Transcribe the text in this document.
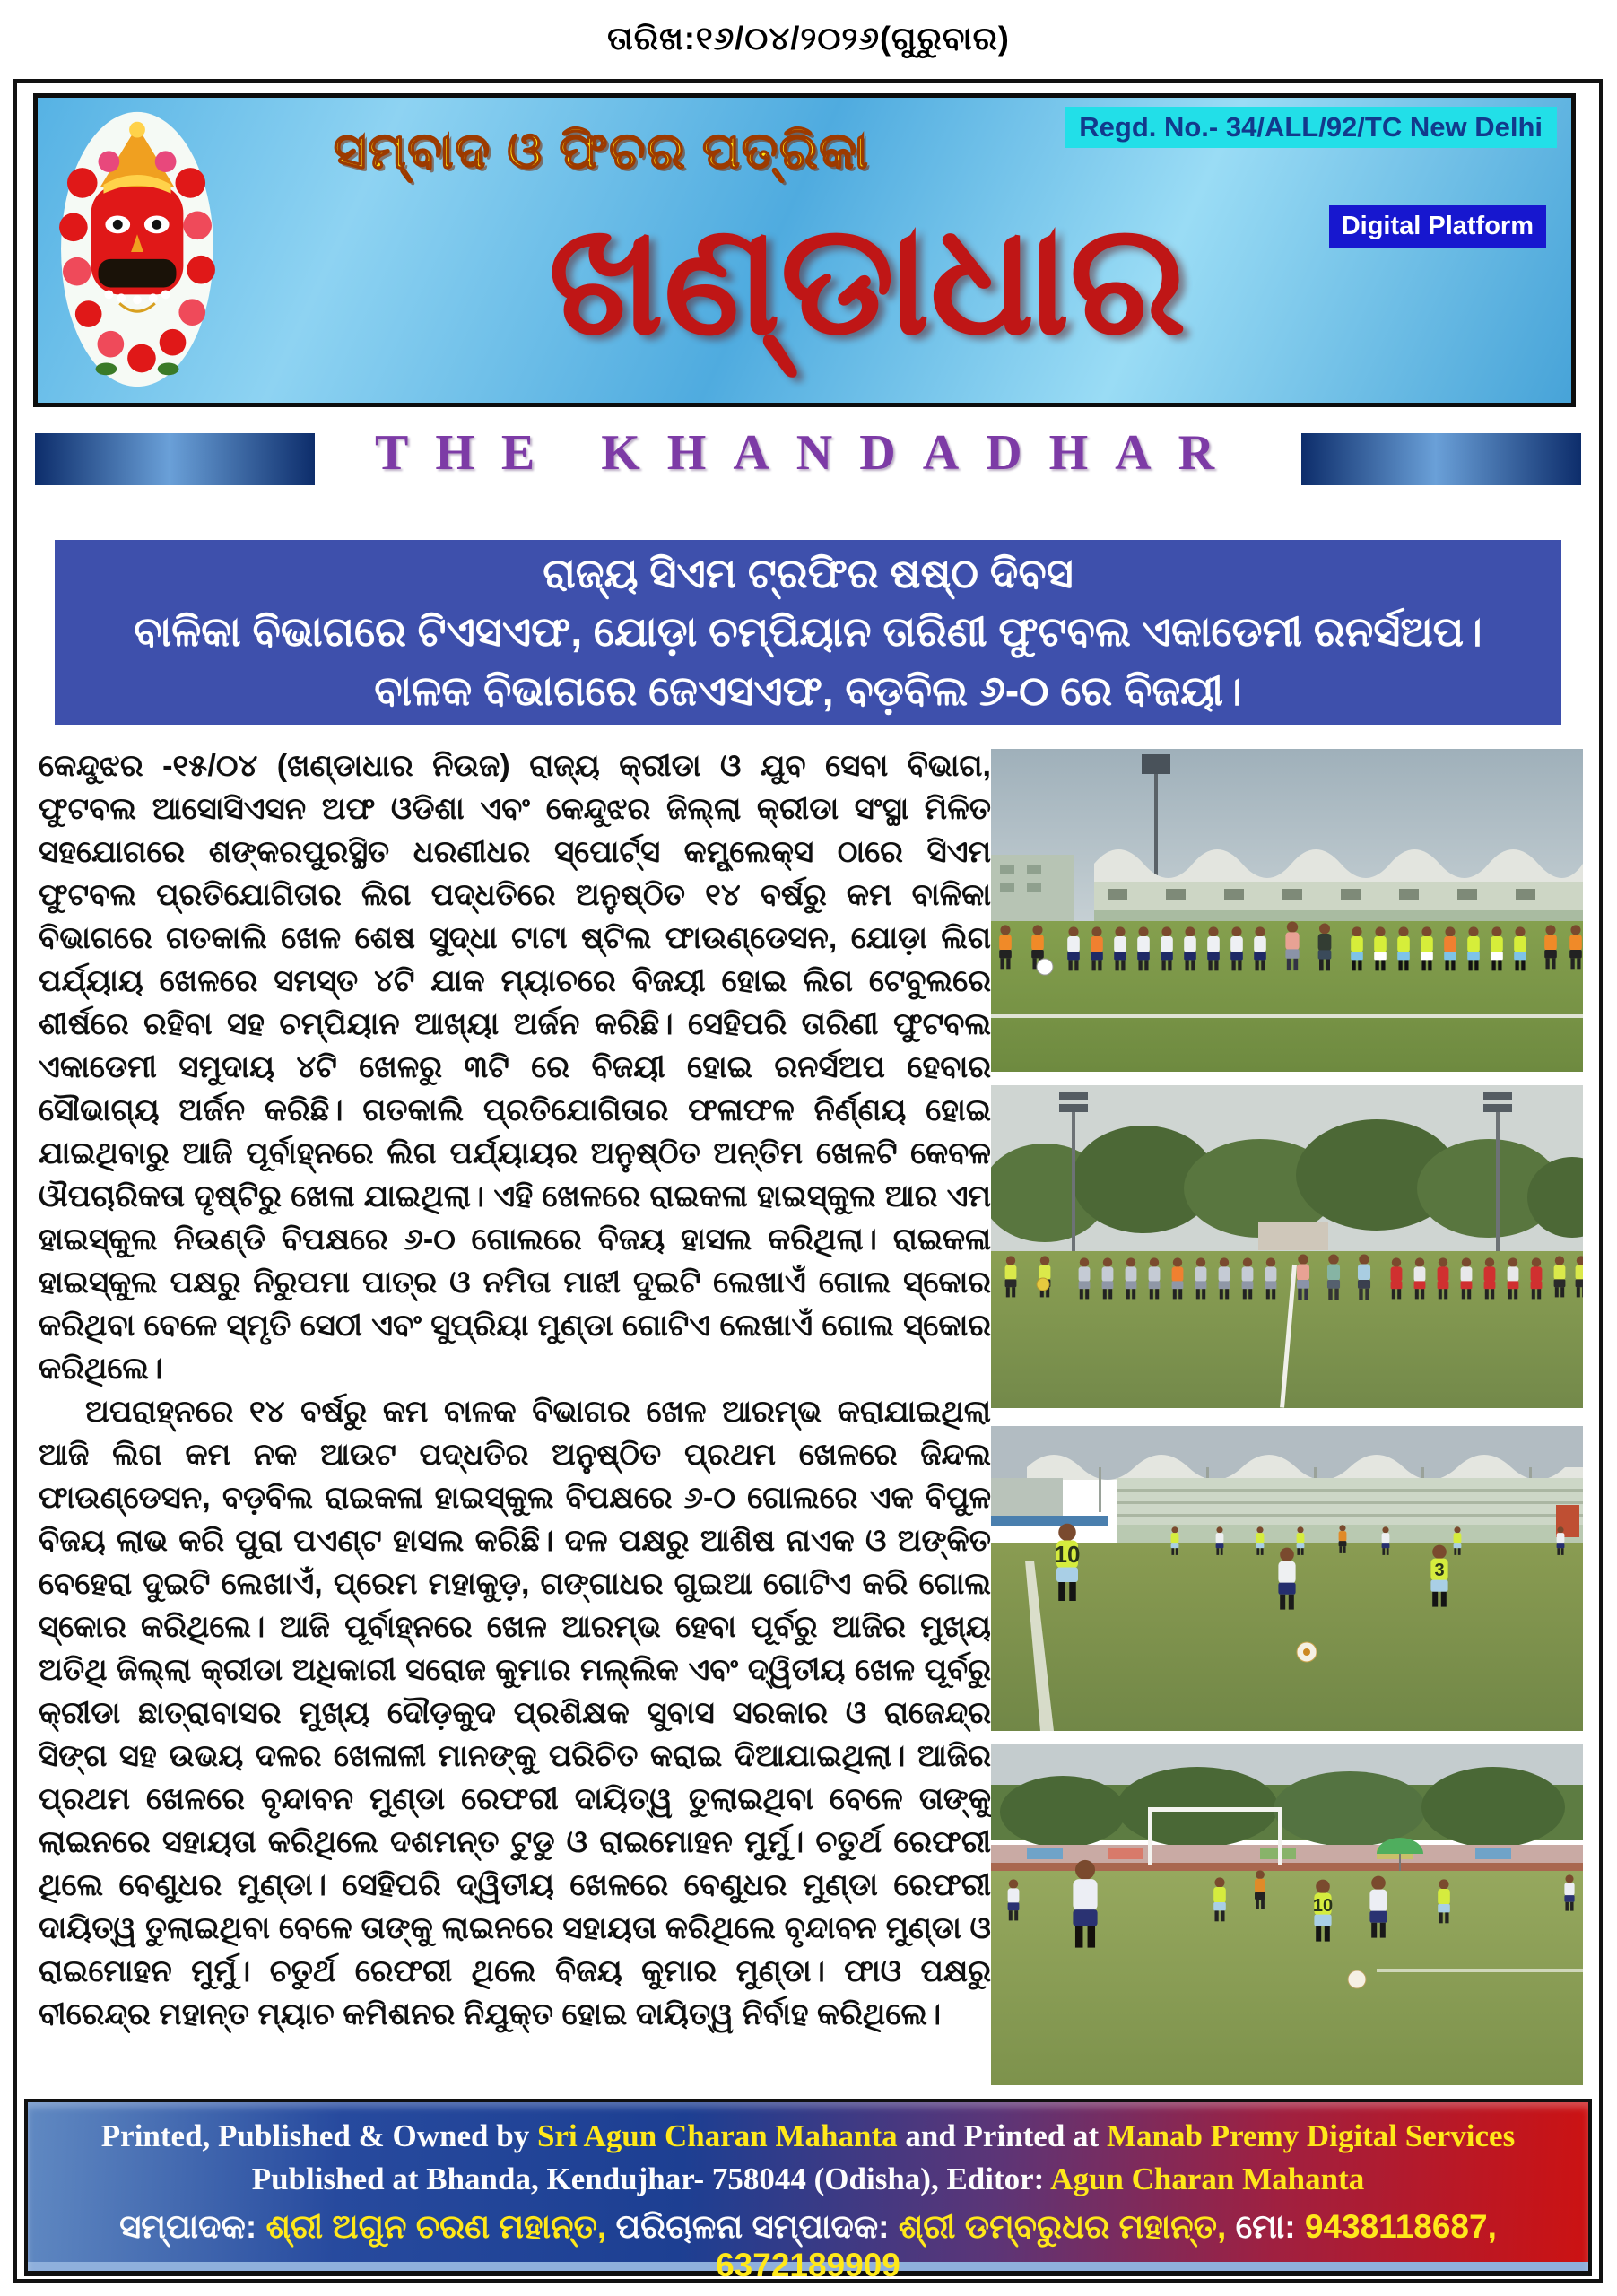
ତାରିଖ:୧୬/୦୪/୨୦୨୬(ଗୁରୁବାର)
ସମ୍ବାଦ ଓ ଫିଚର ପତ୍ରିକା
ଖଣ୍ଡାଧାର
Regd. No.- 34/ALL/92/TC New Delhi
Digital Platform
THE KHANDADHAR
ରାଜ୍ୟ ସିଏମ ଟ୍ରଫିର ଷଷ୍ଠ ଦିବସ
ବାଳିକା ବିଭାଗରେ ଟିଏସଏଫ, ଯୋଡ଼ା ଚମ୍ପିୟାନ ତାରିଣୀ ଫୁଟବଲ ଏକାଡେମୀ ରନର୍ସଅପ।
ବାଳକ ବିଭାଗରେ ଜେଏସଏଫ, ବଡ଼ବିଲ ୬-୦ ରେ ବିଜୟୀ।

କେନ୍ଦୁଝର -୧୫/୦୪ (ଖଣ୍ଡାଧାର ନିଉଜ) ରାଜ୍ୟ କ୍ରୀଡା ଓ ଯୁବ ସେବା ବିଭାଗ, ଫୁଟବଲ ଆସୋସିଏସନ ଅଫ ଓଡିଶା ଏବଂ କେନ୍ଦୁଝର ଜିଲ୍ଲା କ୍ରୀଡା ସଂସ୍ଥା ମିଳିତ ସହଯୋଗରେ ଶଙ୍କରପୁରସ୍ଥିତ ଧରଣୀଧର ସ୍ପୋର୍ଟ୍ସ କମ୍ପ୍ଲେକ୍ସ ଠାରେ ସିଏମ ଫୁଟବଲ ପ୍ରତିଯୋଗିତାର ଲିଗ ପଦ୍ଧତିରେ ଅନୁଷ୍ଠିତ ୧୪ ବର୍ଷରୁ କମ ବାଳିକା ବିଭାଗରେ ଗତକାଲି ଖେଳ ଶେଷ ସୁଦ୍ଧା ଟାଟା ଷ୍ଟିଲ ଫାଉଣ୍ଡେସନ, ଯୋଡ଼ା ଲିଗ ପର୍ଯ୍ୟାୟ ଖେଳରେ ସମସ୍ତ ୪ଟି ଯାକ ମ୍ୟାଚରେ ବିଜୟୀ ହୋଇ ଲିଗ ଟେବୁଲରେ ଶୀର୍ଷରେ ରହିବା ସହ ଚମ୍ପିୟାନ ଆଖ୍ୟା ଅର୍ଜନ କରିଛି। ସେହିପରି ତାରିଣୀ ଫୁଟବଲ ଏକାଡେମୀ ସମୁଦାୟ ୪ଟି ଖେଳରୁ ୩ଟି ରେ ବିଜୟୀ ହୋଇ ରନର୍ସଅପ ହେବାର ସୌଭାଗ୍ୟ ଅର୍ଜନ କରିଛି। ଗତକାଲି ପ୍ରତିଯୋଗିତାର ଫଳାଫଳ ନିର୍ଣ୍ଣୟ ହୋଇ ଯାଇଥିବାରୁ ଆଜି ପୂର୍ବାହ୍ନରେ ଲିଗ ପର୍ଯ୍ୟାୟର ଅନୁଷ୍ଠିତ ଅନ୍ତିମ ଖେଳଟି କେବଳ ଔପଚାରିକତା ଦୃଷ୍ଟିରୁ ଖେଳା ଯାଇଥିଲା। ଏହି ଖେଳରେ ରାଇକଳା ହାଇସ୍କୁଲ ଆର ଏମ ହାଇସ୍କୁଲ ନିଉଣ୍ଡି ବିପକ୍ଷରେ ୬-୦ ଗୋଲରେ ବିଜୟ ହାସଲ କରିଥିଲା। ରାଇକଳା ହାଇସ୍କୁଲ ପକ୍ଷରୁ ନିରୁପମା ପାତ୍ର ଓ ନମିତା ମାଝୀ ଦୁଇଟି ଲେଖାଏଁ ଗୋଲ ସ୍କୋର କରିଥିବା ବେଳେ ସ୍ମୃତି ସେଠୀ ଏବଂ ସୁପ୍ରିୟା ମୁଣ୍ଡା ଗୋଟିଏ ଲେଖାଏଁ ଗୋଲ ସ୍କୋର କରିଥିଲେ।

ଅପରାହ୍ନରେ ୧୪ ବର୍ଷରୁ କମ ବାଳକ ବିଭାଗର ଖେଳ ଆରମ୍ଭ କରାଯାଇଥିଲା ଆଜି ଲିଗ କମ ନକ ଆଉଟ ପଦ୍ଧତିର ଅନୁଷ୍ଠିତ ପ୍ରଥମ ଖେଳରେ ଜିନ୍ଦଲ ଫାଉଣ୍ଡେସନ, ବଡ଼ବିଲ ରାଇକଳା ହାଇସ୍କୁଲ ବିପକ୍ଷରେ ୬-୦ ଗୋଲରେ ଏକ ବିପୁଳ ବିଜୟ ଲାଭ କରି ପୁରା ପଏଣ୍ଟ ହାସଲ କରିଛି। ଦଳ ପକ୍ଷରୁ ଆଶିଷ ନାଏକ ଓ ଅଙ୍କିତ ବେହେରା ଦୁଇଟି ଲେଖାଏଁ, ପ୍ରେମ ମହାକୁଡ଼, ଗଙ୍ଗାଧର ଗୁଇଆ ଗୋଟିଏ କରି ଗୋଲ ସ୍କୋର କରିଥିଲେ। ଆଜି ପୂର୍ବାହ୍ନରେ ଖେଳ ଆରମ୍ଭ ହେବା ପୂର୍ବରୁ ଆଜିର ମୁଖ୍ୟ ଅତିଥି ଜିଲ୍ଲା କ୍ରୀଡା ଅଧିକାରୀ ସରୋଜ କୁମାର ମଲ୍ଲିକ ଏବଂ ଦ୍ୱିତୀୟ ଖେଳ ପୂର୍ବରୁ କ୍ରୀଡା ଛାତ୍ରାବାସର ମୁଖ୍ୟ ଦୌଡ଼କୁଦ ପ୍ରଶିକ୍ଷକ ସୁବାସ ସରକାର ଓ ରାଜେନ୍ଦ୍ର ସିଙ୍ଗ ସହ ଉଭୟ ଦଳର ଖେଳାଳୀ ମାନଙ୍କୁ ପରିଚିତ କରାଇ ଦିଆଯାଇଥିଲା। ଆଜିର ପ୍ରଥମ ଖେଳରେ ବୃନ୍ଦାବନ ମୁଣ୍ଡା ରେଫରୀ ଦାୟିତ୍ୱ ତୁଲାଇଥିବା ବେଳେ ତାଙ୍କୁ ଲାଇନରେ ସହାୟତା କରିଥିଲେ ଦଶମନ୍ତ ଟୁଡୁ ଓ ରାଇମୋହନ ମୁର୍ମୁ। ଚତୁର୍ଥ ରେଫରୀ ଥିଲେ ବେଣୁଧର ମୁଣ୍ଡା। ସେହିପରି ଦ୍ୱିତୀୟ ଖେଳରେ ବେଣୁଧର ମୁଣ୍ଡା ରେଫରୀ ଦାୟିତ୍ୱ ତୁଲାଇଥିବା ବେଳେ ତାଙ୍କୁ ଲାଇନରେ ସହାୟତା କରିଥିଲେ ବୃନ୍ଦାବନ ମୁଣ୍ଡା ଓ ରାଇମୋହନ ମୁର୍ମୁ। ଚତୁର୍ଥ ରେଫରୀ ଥିଲେ ବିଜୟ କୁମାର ମୁଣ୍ଡା। ଫାଓ ପକ୍ଷରୁ ବୀରେନ୍ଦ୍ର ମହାନ୍ତ ମ୍ୟାଚ କମିଶନର ନିଯୁକ୍ତ ହୋଇ ଦାୟିତ୍ୱ ନିର୍ବାହ କରିଥିଲେ।

10
3
10
Printed, Published & Owned by Sri Agun Charan Mahanta and Printed at Manab Premy Digital Services
Published at Bhanda, Kendujhar- 758044 (Odisha), Editor: Agun Charan Mahanta
ସମ୍ପାଦକ: ଶ୍ରୀ ଅଗୁନ ଚରଣ ମହାନ୍ତ, ପରିଚାଳନା ସମ୍ପାଦକ: ଶ୍ରୀ ଡମ୍ବରୁଧର ମହାନ୍ତ, ମୋ: 9438118687, 6372189909
